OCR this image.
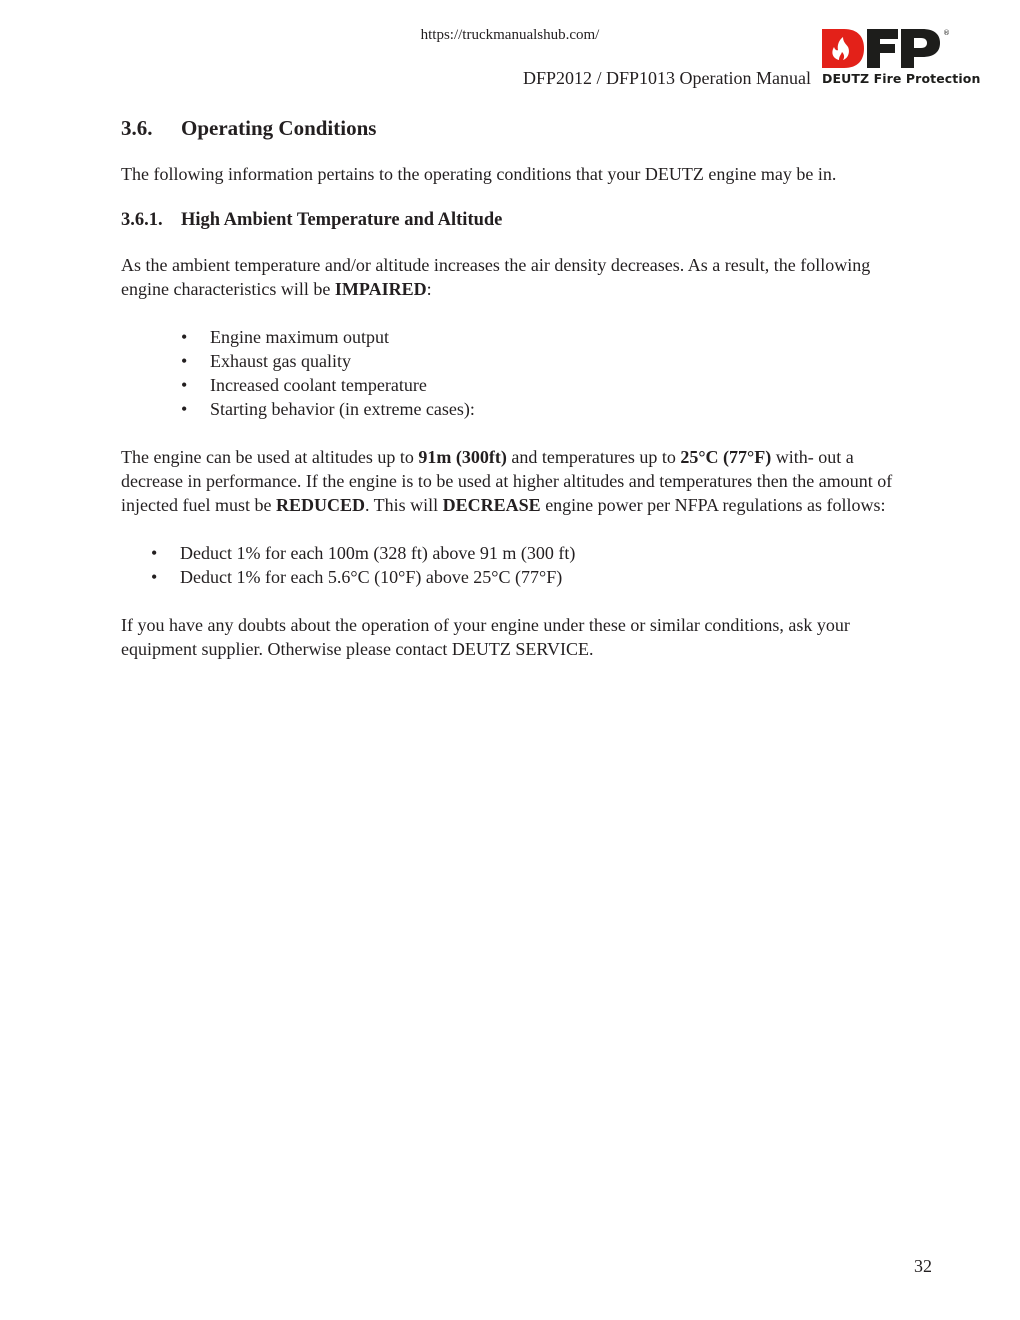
https://truckmanualshub.com/
DFP2012 / DFP1013 Operation Manual
®
DEUTZ Fire Protection
3.6. Operating Conditions

The following information pertains to the operating conditions that your DEUTZ engine may be in.

3.6.1. High Ambient Temperature and Altitude

As the ambient temperature and/or altitude increases the air density decreases. As a result, the following engine characteristics will be IMPAIRED:

• Engine maximum output
• Exhaust gas quality
• Increased coolant temperature
• Starting behavior (in extreme cases):

The engine can be used at altitudes up to 91m (300ft) and temperatures up to 25°C (77°F) with- out a decrease in performance. If the engine is to be used at higher altitudes and temperatures then the amount of injected fuel must be REDUCED. This will DECREASE engine power per NFPA regulations as follows:

• Deduct 1% for each 100m (328 ft) above 91 m (300 ft)
• Deduct 1% for each 5.6°C (10°F) above 25°C (77°F)

If you have any doubts about the operation of your engine under these or similar conditions, ask your equipment supplier. Otherwise please contact DEUTZ SERVICE.

32
